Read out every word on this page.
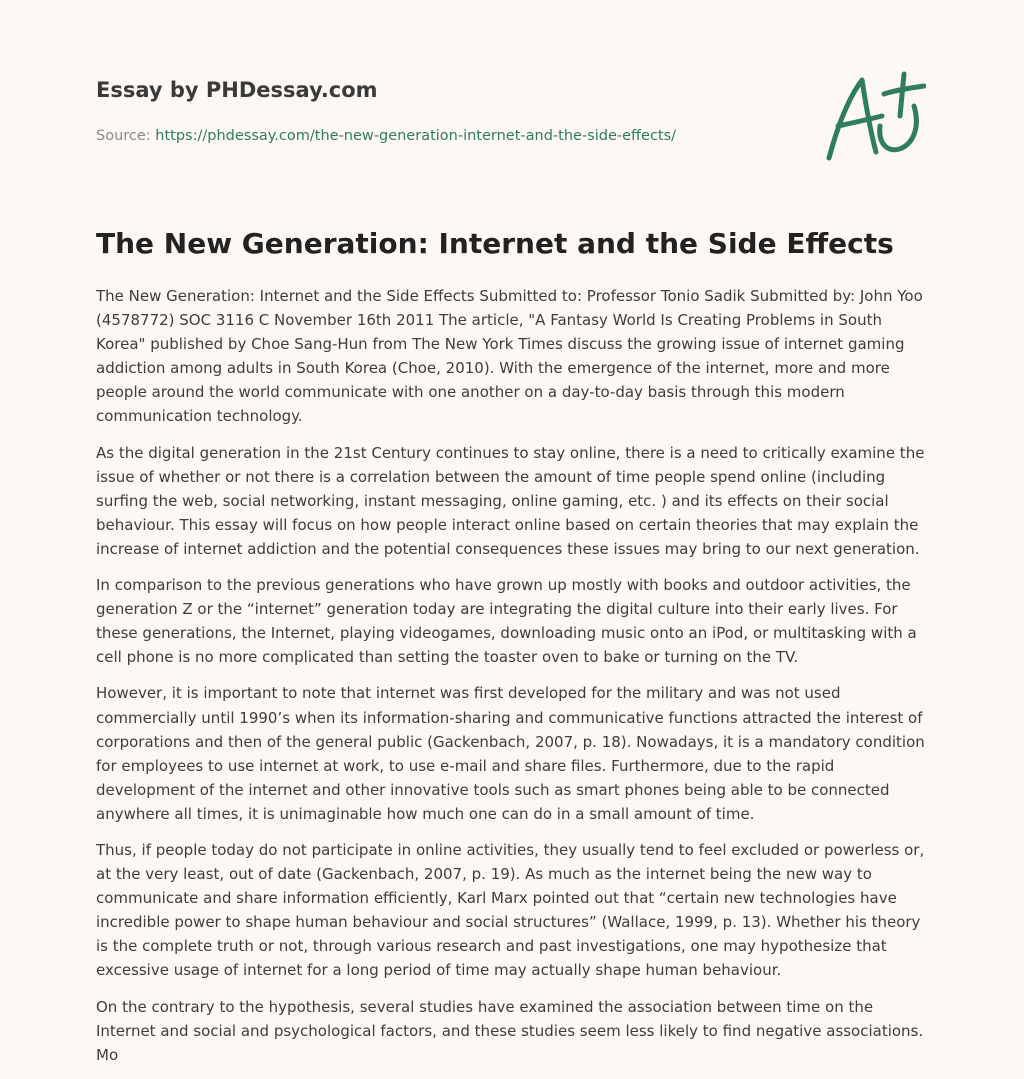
Essay by PHDessay.com
Source: https://phdessay.com/the-new-generation-internet-and-the-side-effects/
The New Generation: Internet and the Side Effects

The New Generation: Internet and the Side Effects Submitted to: Professor Tonio Sadik Submitted by: John Yoo (4578772) SOC 3116 C November 16th 2011 The article, "A Fantasy World Is Creating Problems in South Korea" published by Choe Sang-Hun from The New York Times discuss the growing issue of internet gaming addiction among adults in South Korea (Choe, 2010). With the emergence of the internet, more and more people around the world communicate with one another on a day-to-day basis through this modern communication technology.

As the digital generation in the 21st Century continues to stay online, there is a need to critically examine the issue of whether or not there is a correlation between the amount of time people spend online (including surfing the web, social networking, instant messaging, online gaming, etc. ) and its effects on their social behaviour. This essay will focus on how people interact online based on certain theories that may explain the increase of internet addiction and the potential consequences these issues may bring to our next generation.

In comparison to the previous generations who have grown up mostly with books and outdoor activities, the generation Z or the “internet” generation today are integrating the digital culture into their early lives. For these generations, the Internet, playing videogames, downloading music onto an iPod, or multitasking with a cell phone is no more complicated than setting the toaster oven to bake or turning on the TV.

However, it is important to note that internet was first developed for the military and was not used commercially until 1990’s when its information-sharing and communicative functions attracted the interest of corporations and then of the general public (Gackenbach, 2007, p. 18). Nowadays, it is a mandatory condition for employees to use internet at work, to use e-mail and share files. Furthermore, due to the rapid development of the internet and other innovative tools such as smart phones being able to be connected anywhere all times, it is unimaginable how much one can do in a small amount of time.

Thus, if people today do not participate in online activities, they usually tend to feel excluded or powerless or, at the very least, out of date (Gackenbach, 2007, p. 19). As much as the internet being the new way to communicate and share information efficiently, Karl Marx pointed out that “certain new technologies have incredible power to shape human behaviour and social structures” (Wallace, 1999, p. 13). Whether his theory is the complete truth or not, through various research and past investigations, one may hypothesize that excessive usage of internet for a long period of time may actually shape human behaviour.

On the contrary to the hypothesis, several studies have examined the association between time on the Internet and social and psychological factors, and these studies seem less likely to find negative associations. Mo
